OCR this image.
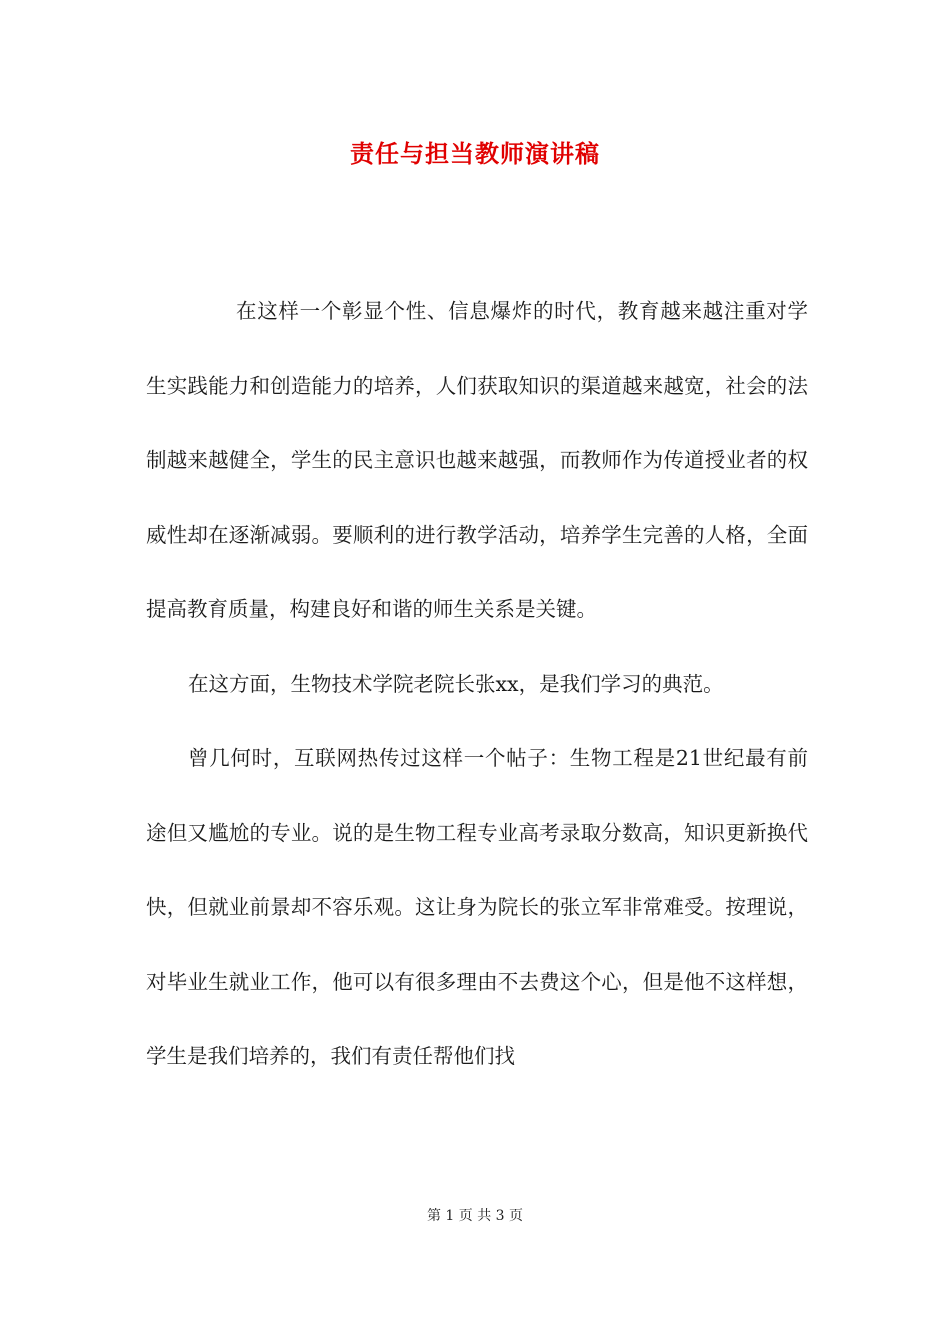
责任与担当教师演讲稿

在这样一个彰显个性、信息爆炸的时代，教育越来越注重对学生实践能力和创造能力的培养，人们获取知识的渠道越来越宽，社会的法制越来越健全，学生的民主意识也越来越强，而教师作为传道授业者的权威性却在逐渐减弱。要顺利的进行教学活动，培养学生完善的人格，全面提高教育质量，构建良好和谐的师生关系是关键。

在这方面，生物技术学院老院长张xx，是我们学习的典范。

曾几何时，互联网热传过这样一个帖子：生物工程是21世纪最有前途但又尴尬的专业。说的是生物工程专业高考录取分数高，知识更新换代快，但就业前景却不容乐观。这让身为院长的张立军非常难受。按理说，对毕业生就业工作，他可以有很多理由不去费这个心，但是他不这样想，学生是我们培养的，我们有责任帮他们找

第 1 页 共 3 页
